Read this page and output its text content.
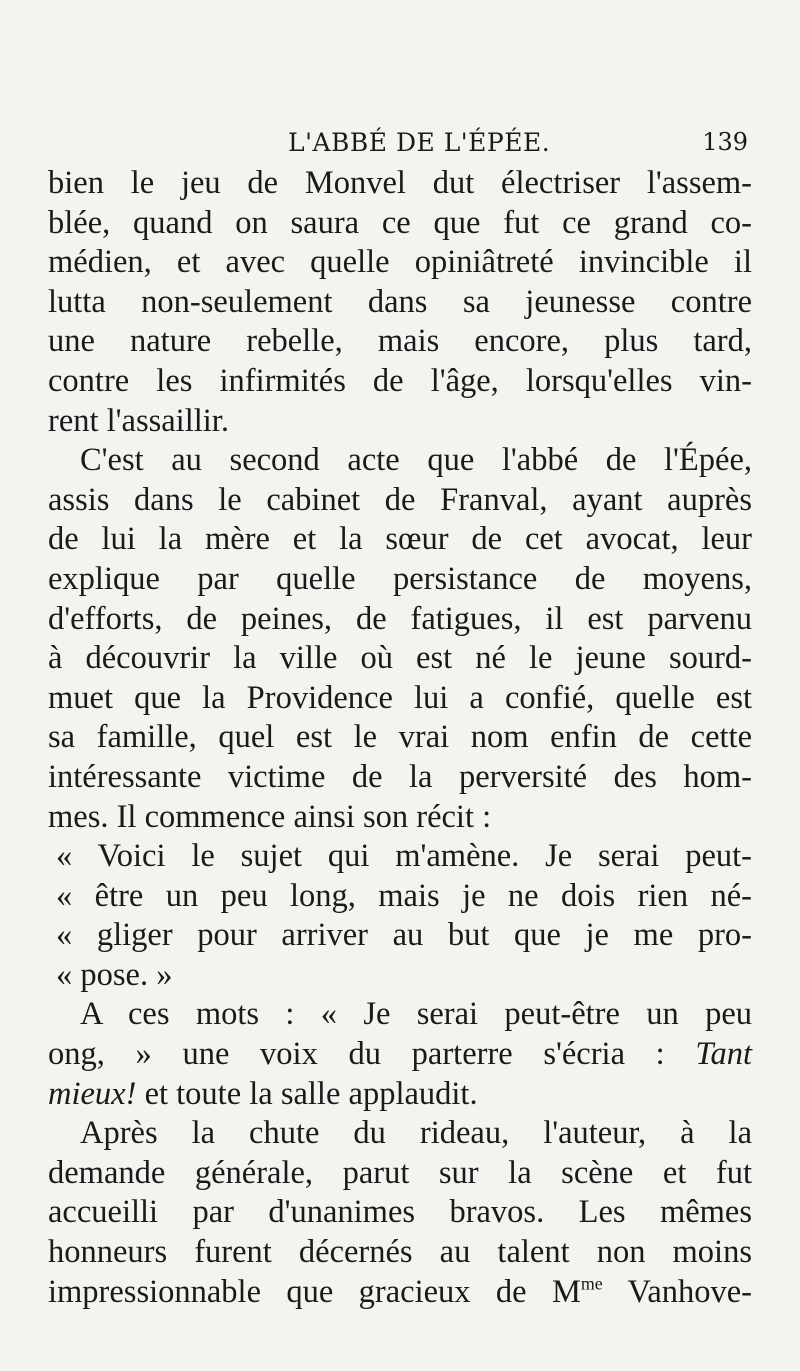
L'ABBÉ DE L'ÉPÉE.	139
bien le jeu de Monvel dut électriser l'assem-
blée, quand on saura ce que fut ce grand co-
médien, et avec quelle opiniâtreté invincible il
lutta non-seulement dans sa jeunesse contre
une nature rebelle, mais encore, plus tard,
contre les infirmités de l'âge, lorsqu'elles vin-
rent l'assaillir.
C'est au second acte que l'abbé de l'Épée,
assis dans le cabinet de Franval, ayant auprès
de lui la mère et la sœur de cet avocat, leur
explique par quelle persistance de moyens,
d'efforts, de peines, de fatigues, il est parvenu
à découvrir la ville où est né le jeune sourd-
muet que la Providence lui a confié, quelle est
sa famille, quel est le vrai nom enfin de cette
intéressante victime de la perversité des hom-
mes. Il commence ainsi son récit :
« Voici le sujet qui m'amène. Je serai peut-
« être un peu long, mais je ne dois rien né-
« gliger pour arriver au but que je me pro-
« pose. »
A ces mots : « Je serai peut-être un peu
ong, » une voix du parterre s'écria : Tant
mieux! et toute la salle applaudit.
Après la chute du rideau, l'auteur, à la
demande générale, parut sur la scène et fut
accueilli par d'unanimes bravos. Les mêmes
honneurs furent décernés au talent non moins
impressionnable que gracieux de $M^{me}$ Vanhove-
